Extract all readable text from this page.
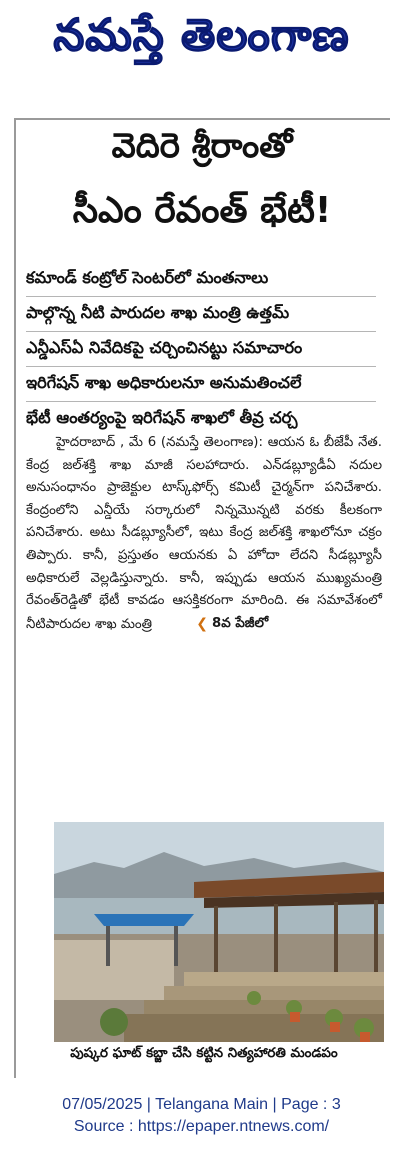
నమస్తే తెలంగాణ
వెదిరె శ్రీరాంతో
సీఎం రేవంత్ భేటీ!
కమాండ్ కంట్రోల్ సెంటర్‌లో మంతనాలు
పాల్గొన్న నీటి పారుదల శాఖ మంత్రి ఉత్తమ్
ఎన్డీఎస్ఏ నివేదికపై చర్చించినట్టు సమాచారం
ఇరిగేషన్ శాఖ అధికారులనూ అనుమతించలే
భేటీ ఆంతర్యంపై ఇరిగేషన్ శాఖలో తీవ్ర చర్చ
హైదరాబాద్ , మే 6 (నమస్తే తెలంగాణ): ఆయన ఓ బీజేపీ నేత. కేంద్ర జల్‌శక్తి శాఖ మాజీ సలహాదారు. ఎన్‌డబ్ల్యూడీఏ నదుల అనుసంధానం ప్రాజెక్టుల టాస్క్‌ఫోర్స్ కమిటీ చైర్మన్‌గా పనిచేశారు. కేంద్రంలోని ఎన్డీయే సర్కారులో నిన్నమొన్నటి వరకు కీలకంగా పనిచేశారు. అటు సీడబ్ల్యూసీలో, ఇటు కేంద్ర జల్‌శక్తి శాఖలోనూ చక్రం తిప్పారు. కానీ, ప్రస్తుతం ఆయనకు ఏ హోదా లేదని సీడబ్ల్యూసీ అధికారులే వెల్లడిస్తున్నారు. కానీ, ఇప్పుడు ఆయన ముఖ్యమంత్రి రేవంత్‌రెడ్డితో భేటీ కావడం ఆసక్తికరంగా మారింది. ఈ సమావేశంలో నీటిపారుదల శాఖ మంత్రి	❮ 8వ పేజీలో
పుష్కర ఘాట్ కబ్జా చేసి కట్టిన నిత్యహారతి మండపం
07/05/2025 | Telangana Main | Page : 3
Source : https://epaper.ntnews.com/
